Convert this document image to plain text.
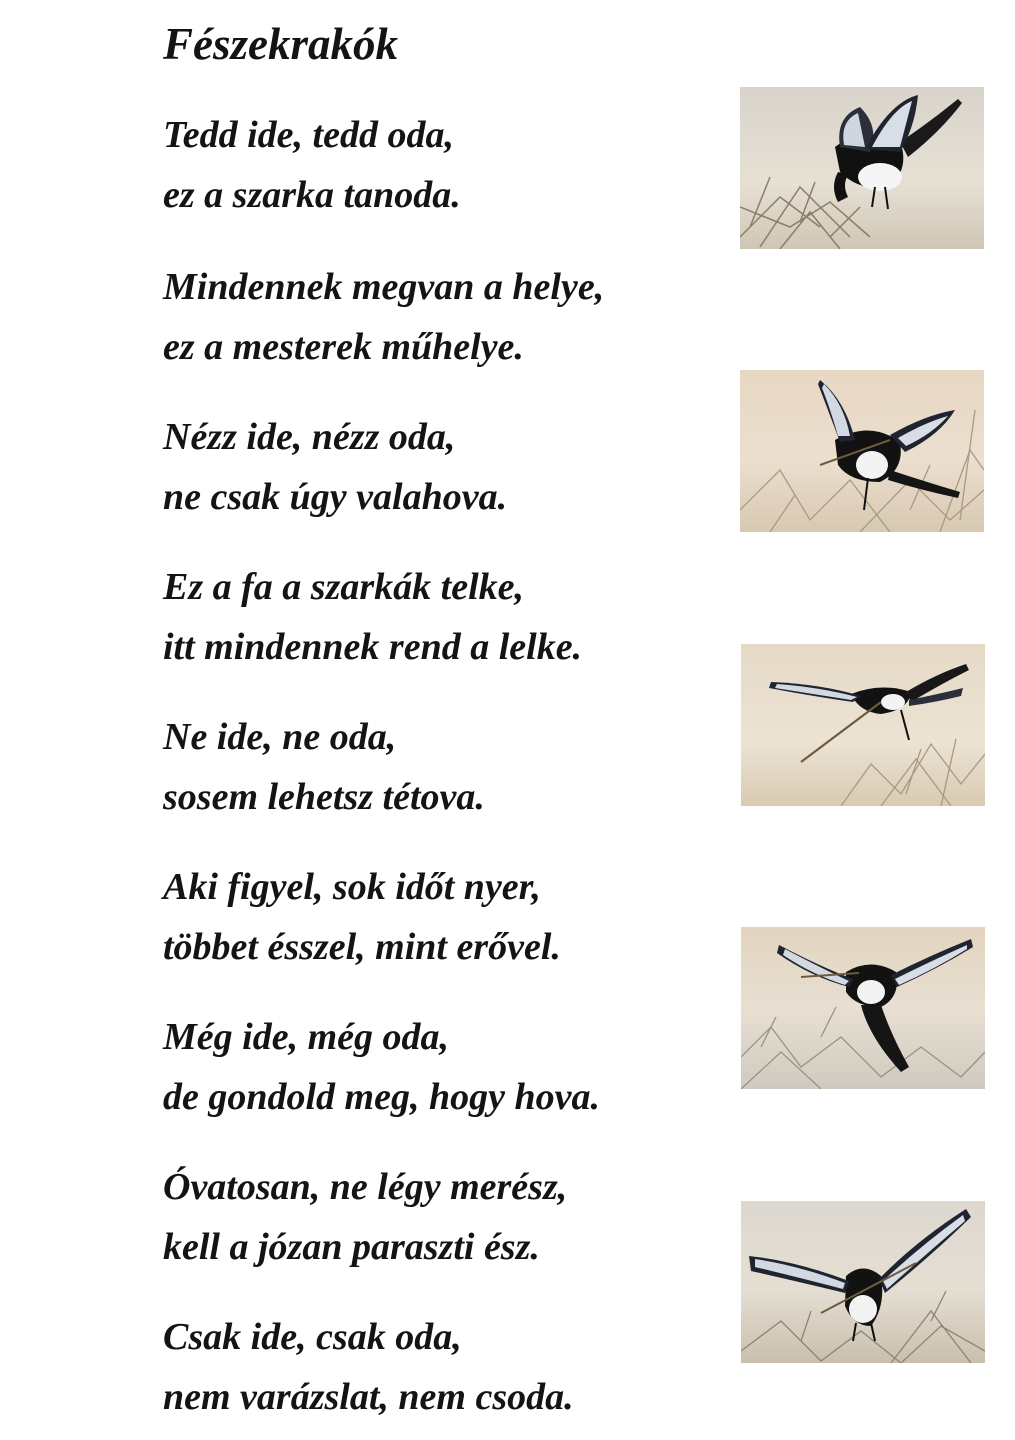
Fészekrakók
Tedd ide, tedd oda,
ez a szarka tanoda.
Mindennek megvan a helye,
ez a mesterek műhelye.
Nézz ide, nézz oda,
ne csak úgy valahova.
Ez a fa a szarkák telke,
itt mindennek rend a lelke.
Ne ide, ne oda,
sosem lehetsz tétova.
Aki figyel, sok időt nyer,
többet ésszel, mint erővel.
Még ide, még oda,
de gondold meg, hogy hova.
Óvatosan, ne légy merész,
kell a józan paraszti ész.
Csak ide, csak oda,
nem varázslat, nem csoda.
